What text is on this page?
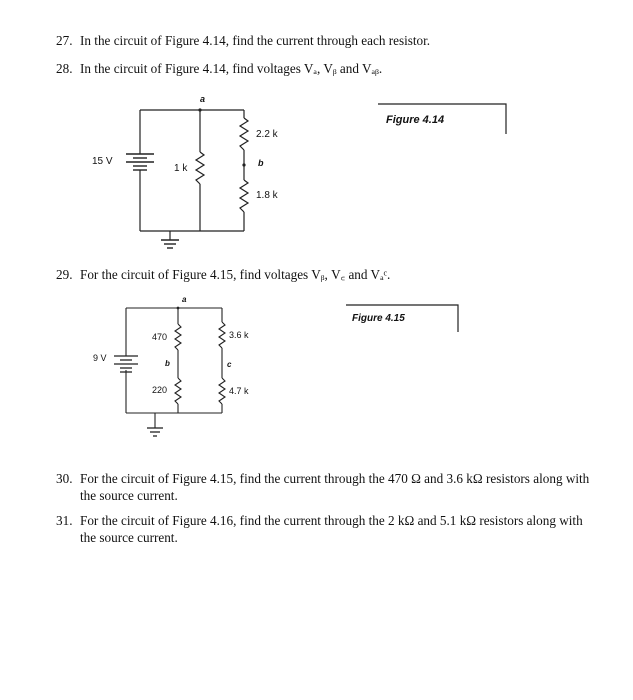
27. In the circuit of Figure 4.14, find the current through each resistor.
28. In the circuit of Figure 4.14, find voltages Vₐ, Vᵦ and Vₐᵦ.
29. For the circuit of Figure 4.15, find voltages Vᵦ, V꜀ and Vₐᶜ.
30. For the circuit of Figure 4.15, find the current through the 470 Ω and 3.6 kΩ resistors along with
the source current.
31. For the circuit of Figure 4.16, find the current through the 2 kΩ and 5.1 kΩ resistors along with
the source current.
Figure 4.14
Figure 4.15
a
b
15 V
1 k
2.2 k
1.8 k
a
b	c
9 V
470
220
3.6 k
4.7 k
